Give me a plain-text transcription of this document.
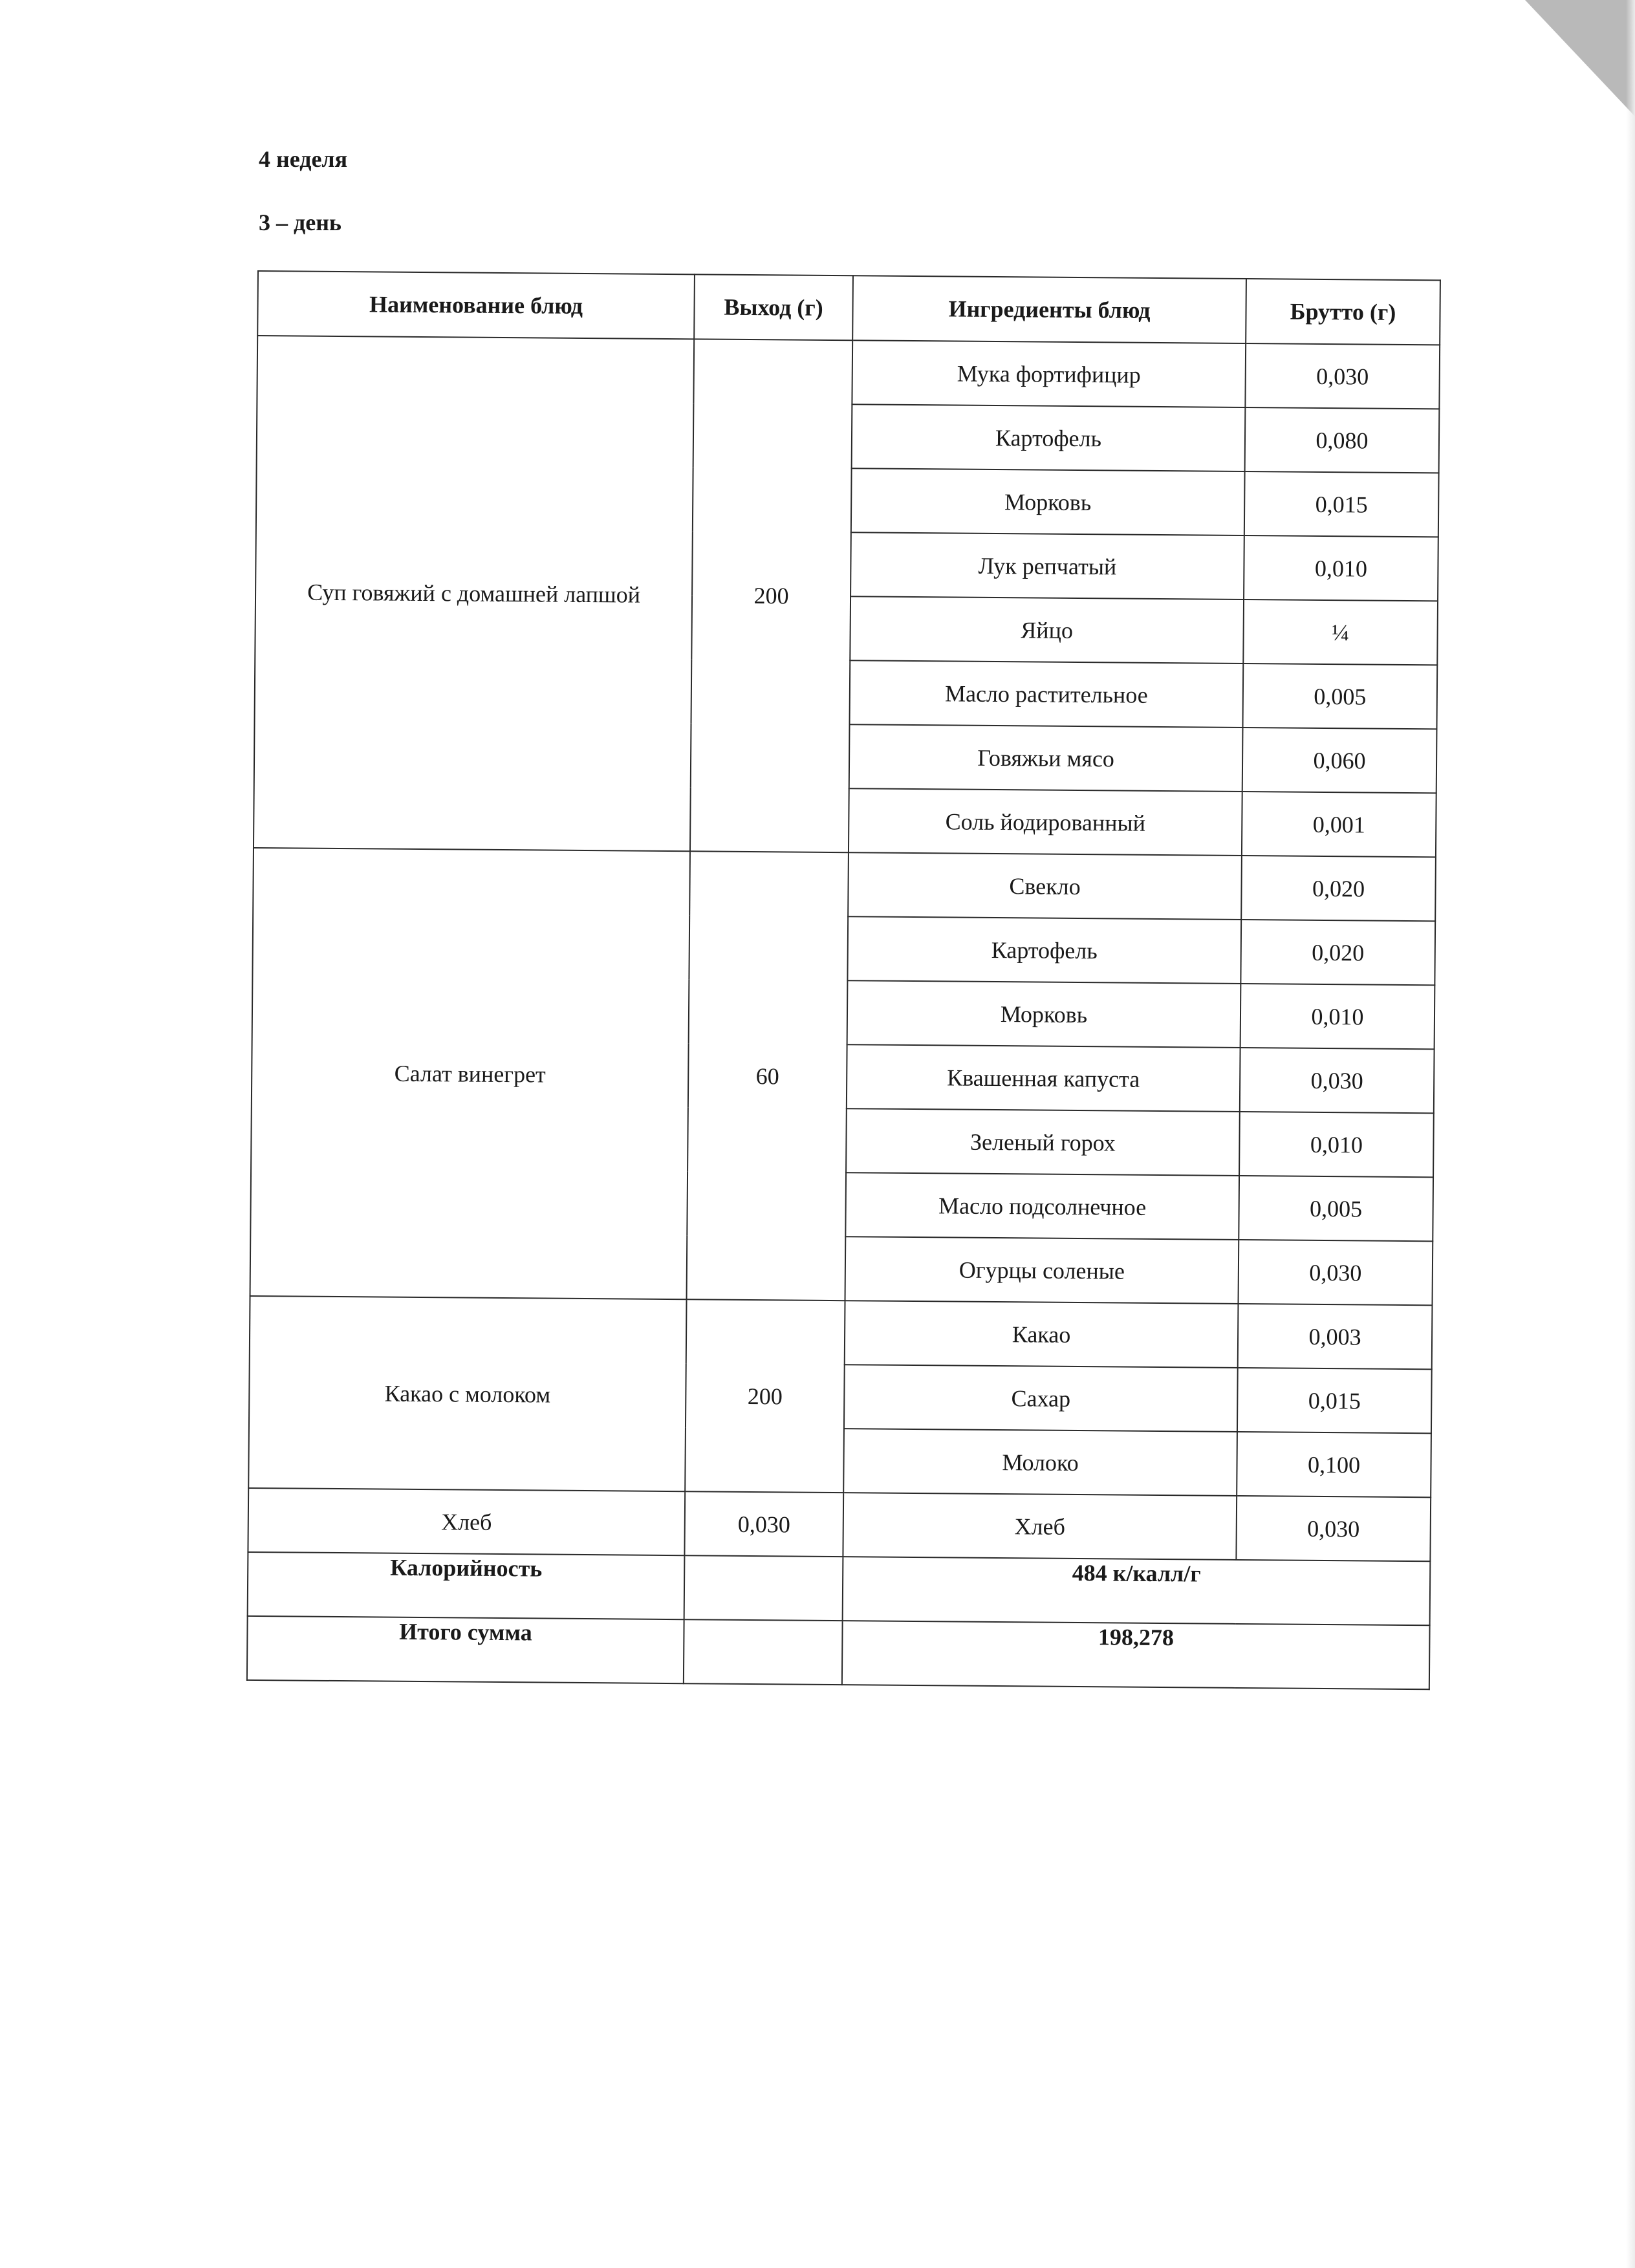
4 неделя
3 – день
Наименование блюд	Выход (г)	Ингредиенты блюд	Брутто (г)
Суп говяжий с домашней лапшой	200	Мука фортифицир	0,030
		Картофель	0,080
		Морковь	0,015
		Лук репчатый	0,010
		Яйцо	¼
		Масло растительное	0,005
		Говяжьи мясо	0,060
		Соль йодированный	0,001
Салат винегрет	60	Свекло	0,020
		Картофель	0,020
		Морковь	0,010
		Квашенная капуста	0,030
		Зеленый горох	0,010
		Масло подсолнечное	0,005
		Огурцы соленые	0,030
Какао с молоком	200	Какао	0,003
		Сахар	0,015
		Молоко	0,100
Хлеб	0,030	Хлеб	0,030
Калорийность		484 к/калл/г	
Итого сумма		198,278	
